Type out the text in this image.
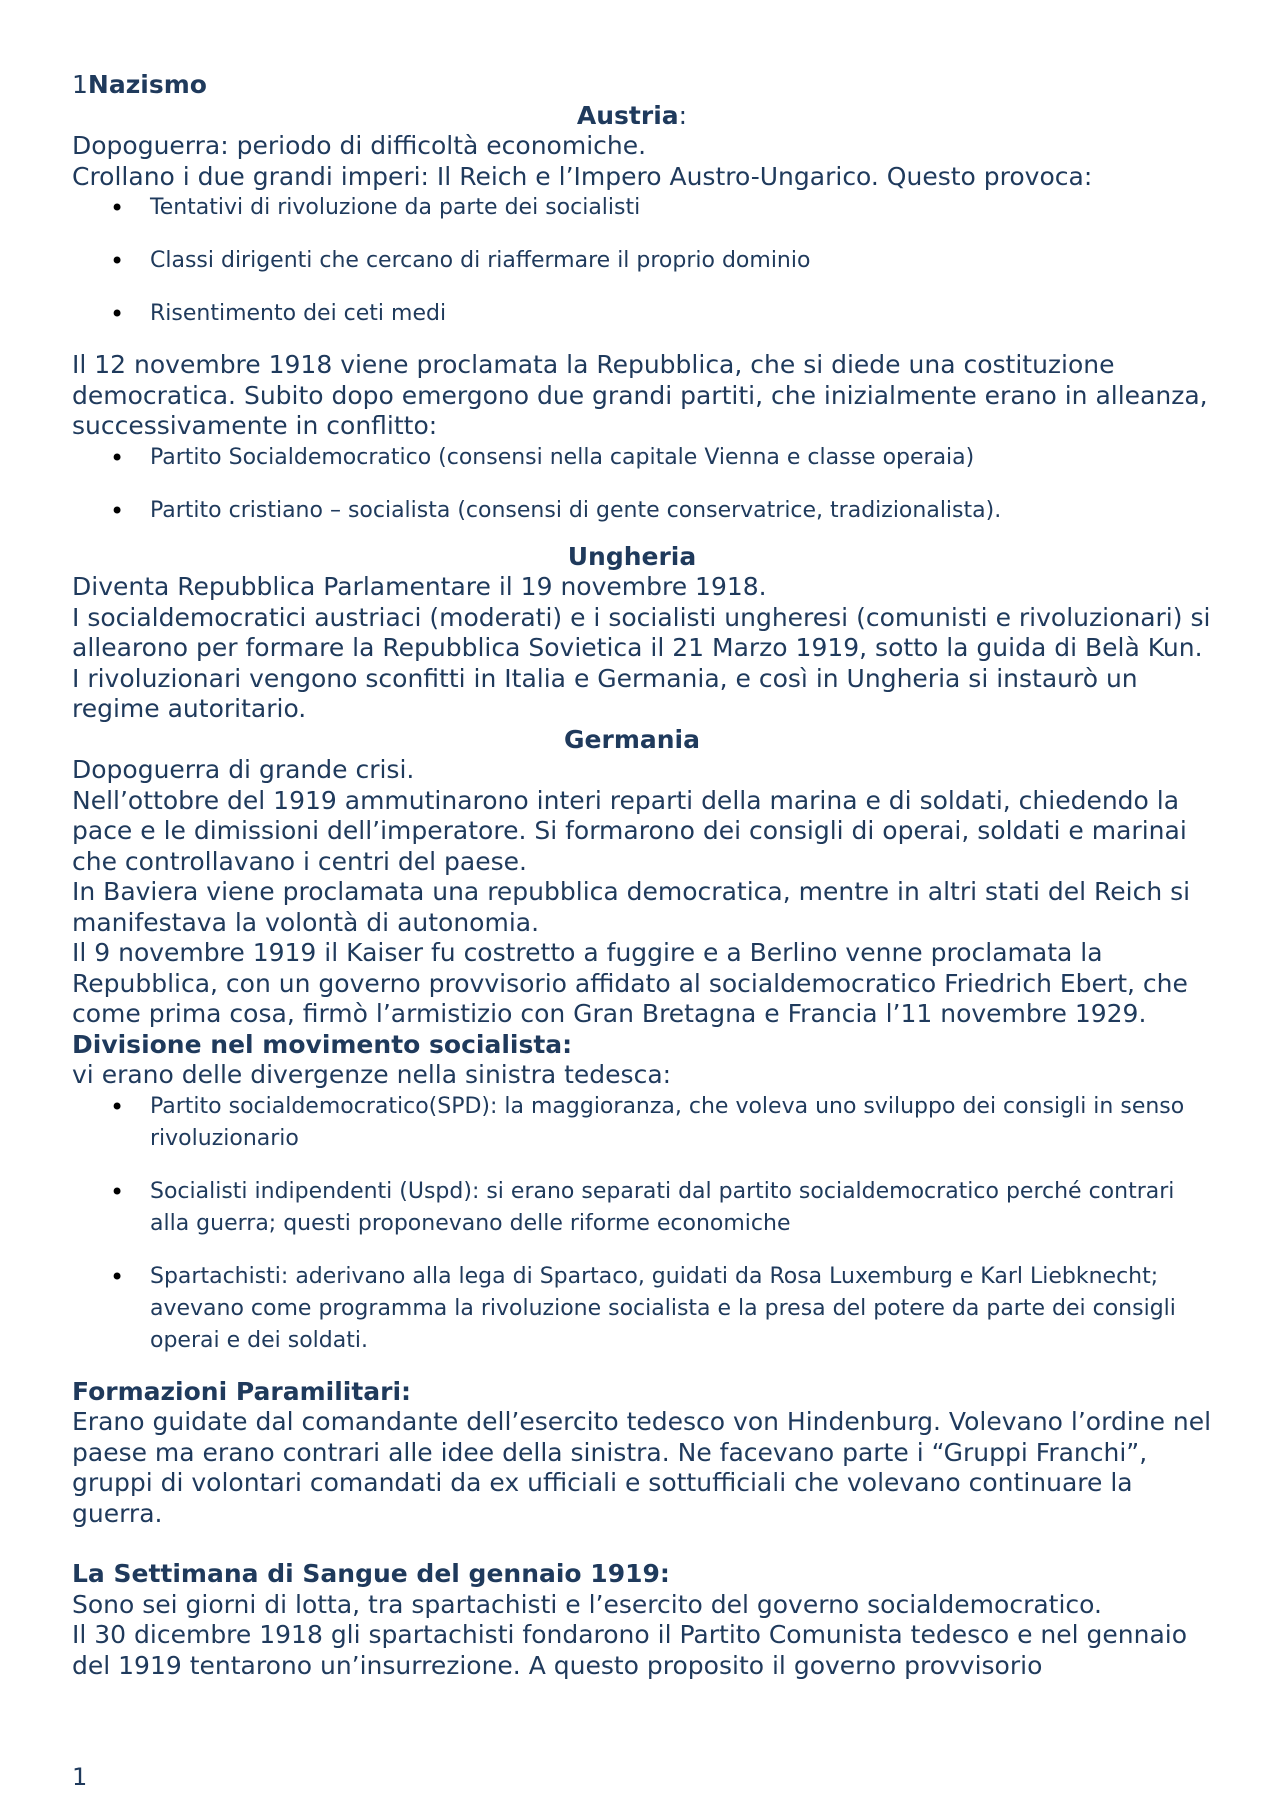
1Nazismo

Austria:

Dopoguerra: periodo di difficoltà economiche.

Crollano i due grandi imperi: Il Reich e l’Impero Austro-Ungarico. Questo provoca:

• Tentativi di rivoluzione da parte dei socialisti
• Classi dirigenti che cercano di riaffermare il proprio dominio
• Risentimento dei ceti medi

Il 12 novembre 1918 viene proclamata la Repubblica, che si diede una costituzione democratica. Subito dopo emergono due grandi partiti, che inizialmente erano in alleanza, successivamente in conflitto:

• Partito Socialdemocratico (consensi nella capitale Vienna e classe operaia)
• Partito cristiano – socialista (consensi di gente conservatrice, tradizionalista).

Ungheria

Diventa Repubblica Parlamentare il 19 novembre 1918.

I socialdemocratici austriaci (moderati) e i socialisti ungheresi (comunisti e rivoluzionari) si allearono per formare la Repubblica Sovietica il 21 Marzo 1919, sotto la guida di Belà Kun. I rivoluzionari vengono sconfitti in Italia e Germania, e così in Ungheria si instaurò un regime autoritario.

Germania

Dopoguerra di grande crisi.

Nell’ottobre del 1919 ammutinarono interi reparti della marina e di soldati, chiedendo la pace e le dimissioni dell’imperatore. Si formarono dei consigli di operai, soldati e marinai che controllavano i centri del paese.

In Baviera viene proclamata una repubblica democratica, mentre in altri stati del Reich si manifestava la volontà di autonomia.

Il 9 novembre 1919 il Kaiser fu costretto a fuggire e a Berlino venne proclamata la Repubblica, con un governo provvisorio affidato al socialdemocratico Friedrich Ebert, che come prima cosa, firmò l’armistizio con Gran Bretagna e Francia l’11 novembre 1929.

Divisione nel movimento socialista:

vi erano delle divergenze nella sinistra tedesca:

• Partito socialdemocratico(SPD): la maggioranza, che voleva uno sviluppo dei consigli in senso rivoluzionario
• Socialisti indipendenti (Uspd): si erano separati dal partito socialdemocratico perché contrari alla guerra; questi proponevano delle riforme economiche
• Spartachisti: aderivano alla lega di Spartaco, guidati da Rosa Luxemburg e Karl Liebknecht; avevano come programma la rivoluzione socialista e la presa del potere da parte dei consigli operai e dei soldati.

Formazioni Paramilitari:

Erano guidate dal comandante dell’esercito tedesco von Hindenburg. Volevano l’ordine nel paese ma erano contrari alle idee della sinistra. Ne facevano parte i “Gruppi Franchi”, gruppi di volontari comandati da ex ufficiali e sottufficiali che volevano continuare la guerra.

La Settimana di Sangue del gennaio 1919:

Sono sei giorni di lotta, tra spartachisti e l’esercito del governo socialdemocratico.

Il 30 dicembre 1918 gli spartachisti fondarono il Partito Comunista tedesco e nel gennaio del 1919 tentarono un’insurrezione. A questo proposito il governo provvisorio

1
